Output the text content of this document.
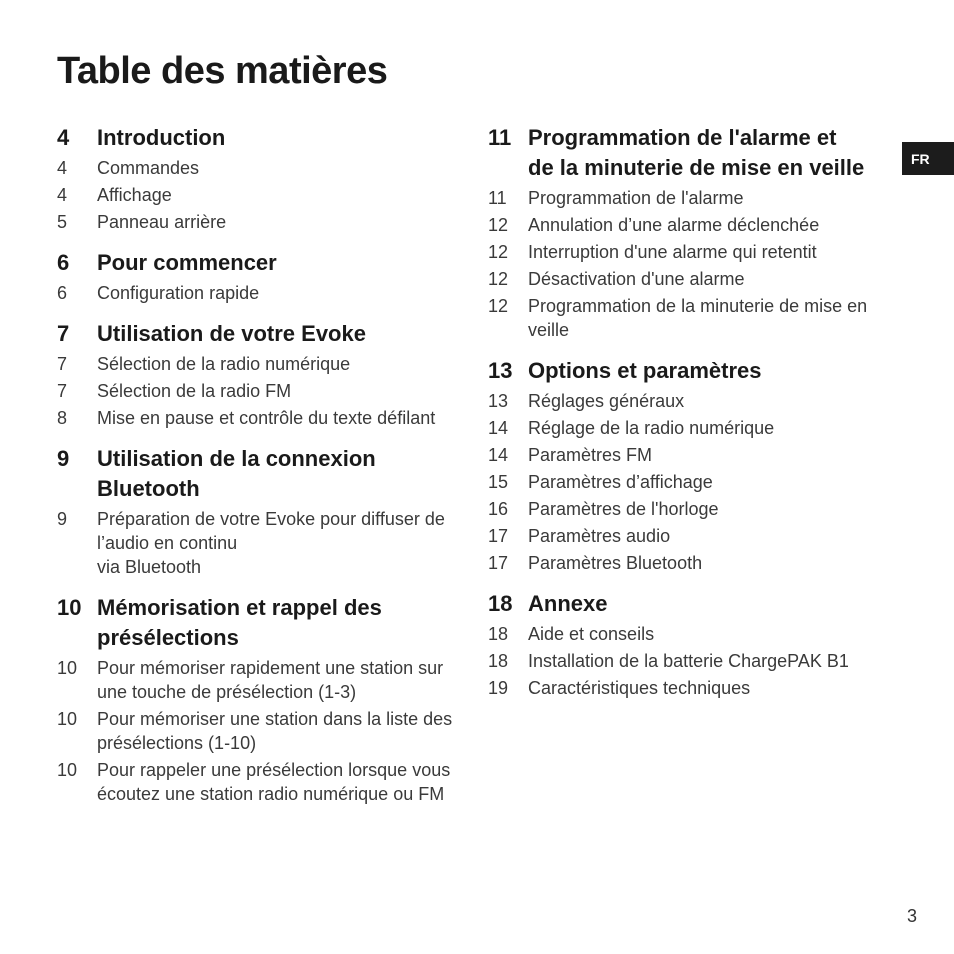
Table des matières
4	Introduction
4	Commandes
4	Affichage
5	Panneau arrière
6	Pour commencer
6	Configuration rapide
7	Utilisation de votre Evoke
7	Sélection de la radio numérique
7	Sélection de la radio FM
8	Mise en pause et contrôle du texte défilant
9	Utilisation de la connexion Bluetooth
9	Préparation de votre Evoke pour diffuser de l’audio en continu
via Bluetooth
10 Mémorisation et rappel des présélections
10	Pour mémoriser rapidement une station sur une touche de présélection (1-3)
10	Pour mémoriser une station dans la liste des présélections (1-10)
10	Pour rappeler une présélection lorsque vous écoutez une station radio numérique ou FM
11 Programmation de l'alarme et de la minuterie de mise en veille
11	Programmation de l'alarme
12	Annulation d’une alarme déclenchée
12	Interruption d'une alarme qui retentit
12	Désactivation d'une alarme
12	Programmation de la minuterie de mise en veille
13 Options et paramètres
13	Réglages généraux
14	Réglage de la radio numérique
14	Paramètres FM
15	Paramètres d’affichage
16	Paramètres de l'horloge
17	Paramètres audio
17	Paramètres Bluetooth
18 Annexe
18	Aide et conseils
18	Installation de la batterie ChargePAK B1
19	Caractéristiques techniques
FR
3
